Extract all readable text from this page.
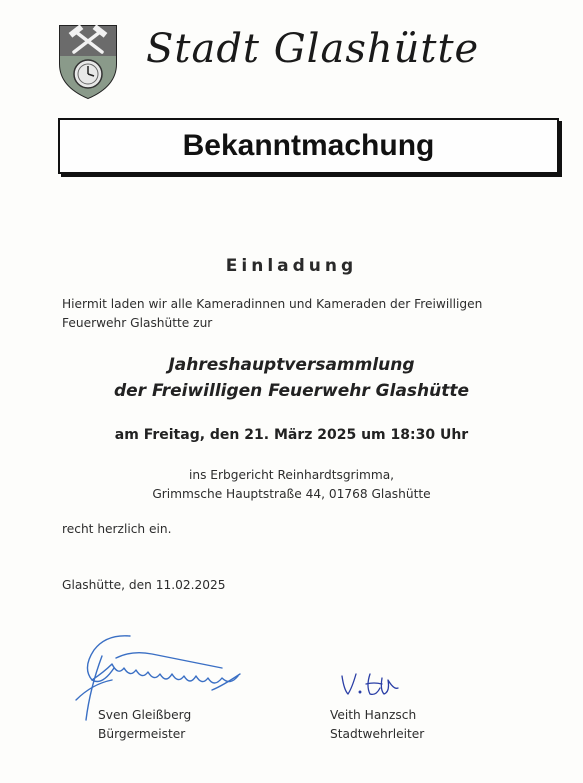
Stadt Glashütte
Bekanntmachung
Einladung
Hiermit laden wir alle Kameradinnen und Kameraden der Freiwilligen
Feuerwehr Glashütte zur
Jahreshauptversammlung
der Freiwilligen Feuerwehr Glashütte
am Freitag, den 21. März 2025 um 18:30 Uhr
ins Erbgericht Reinhardtsgrimma,
Grimmsche Hauptstraße 44, 01768 Glashütte
recht herzlich ein.
Glashütte, den 11.02.2025
Sven Gleißberg
Bürgermeister
Veith Hanzsch
Stadtwehrleiter
